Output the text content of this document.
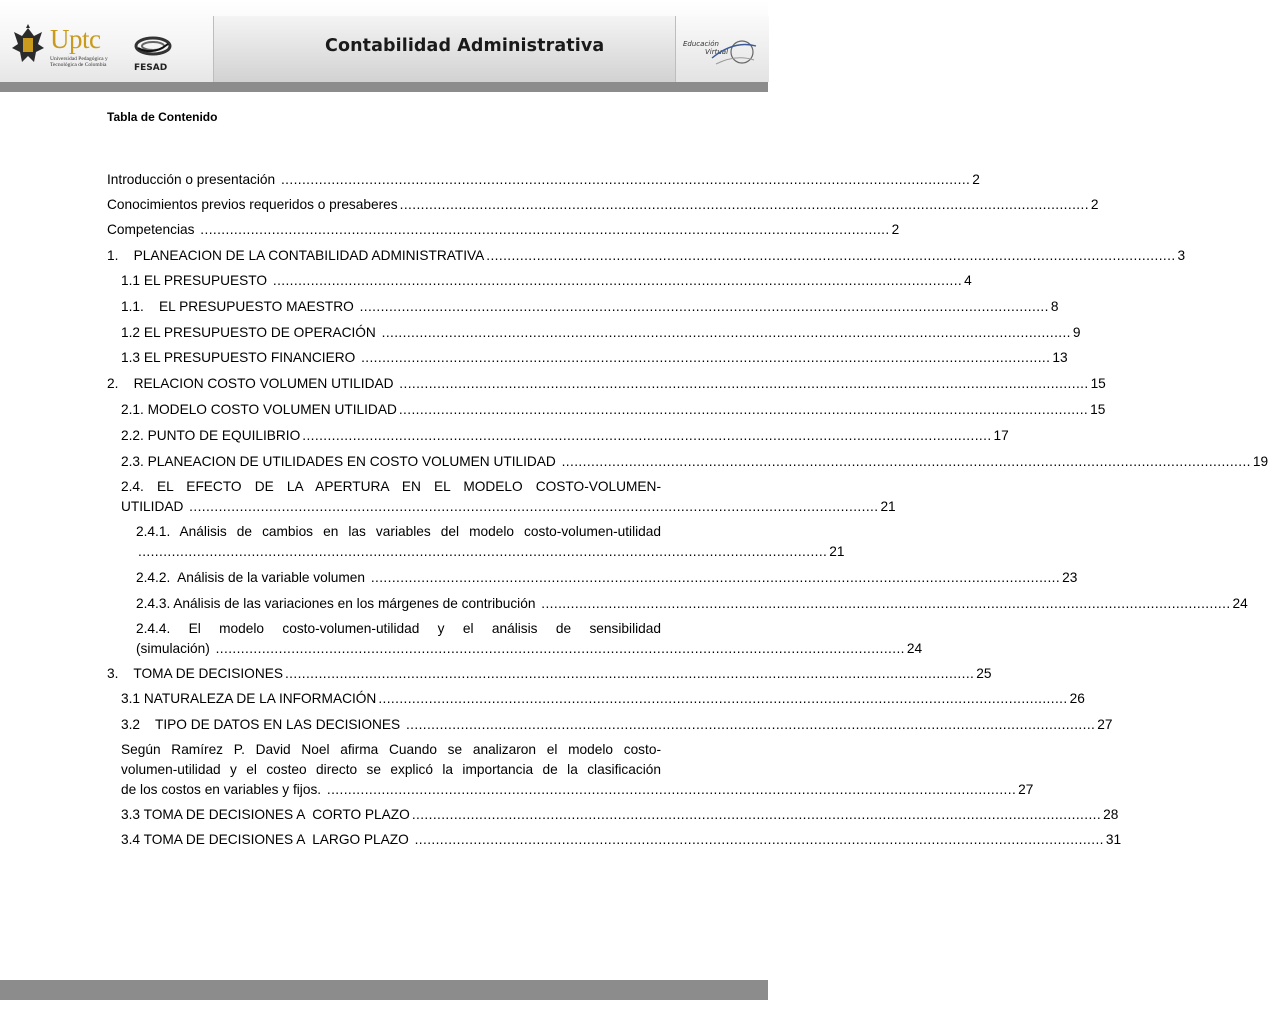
Contabilidad Administrativa
Uptc
Universidad Pedagógica y Tecnológica de Colombia	FESAD
Educación
Virtual
Tabla de Contenido
Introducción o presentación .................................................................................................................................................................... 2
Conocimientos previos requeridos o presaberes .................................................................................................................................................................... 2
Competencias .................................................................................................................................................................... 2
1.    PLANEACION DE LA CONTABILIDAD ADMINISTRATIVA .................................................................................................................................................................... 3
1.1 EL PRESUPUESTO .................................................................................................................................................................... 4
1.1.    EL PRESUPUESTO MAESTRO .................................................................................................................................................................... 8
1.2 EL PRESUPUESTO DE OPERACIÓN .................................................................................................................................................................... 9
1.3 EL PRESUPUESTO FINANCIERO .................................................................................................................................................................... 13
2.    RELACION COSTO VOLUMEN UTILIDAD .................................................................................................................................................................... 15
2.1. MODELO COSTO VOLUMEN UTILIDAD .................................................................................................................................................................... 15
2.2. PUNTO DE EQUILIBRIO .................................................................................................................................................................... 17
2.3. PLANEACION DE UTILIDADES EN COSTO VOLUMEN UTILIDAD .................................................................................................................................................................... 19
2.4. EL EFECTO DE LA APERTURA EN EL MODELO COSTO-VOLUMEN-
UTILIDAD .................................................................................................................................................................... 21
2.4.1. Análisis de cambios en las variables del modelo costo-volumen-utilidad
.................................................................................................................................................................... 21
2.4.2.  Análisis de la variable volumen .................................................................................................................................................................... 23
2.4.3. Análisis de las variaciones en los márgenes de contribución .................................................................................................................................................................... 24
2.4.4. El modelo costo-volumen-utilidad y el análisis de sensibilidad
(simulación) .................................................................................................................................................................... 24
3.    TOMA DE DECISIONES .................................................................................................................................................................... 25
3.1 NATURALEZA DE LA INFORMACIÓN .................................................................................................................................................................... 26
3.2    TIPO DE DATOS EN LAS DECISIONES .................................................................................................................................................................... 27
Según Ramírez P. David Noel afirma Cuando se analizaron el modelo costo-
volumen-utilidad y el costeo directo se explicó la importancia de la clasificación
de los costos en variables y fijos. .................................................................................................................................................................... 27
3.3 TOMA DE DECISIONES A  CORTO PLAZO .................................................................................................................................................................... 28
3.4 TOMA DE DECISIONES A  LARGO PLAZO .................................................................................................................................................................... 31
